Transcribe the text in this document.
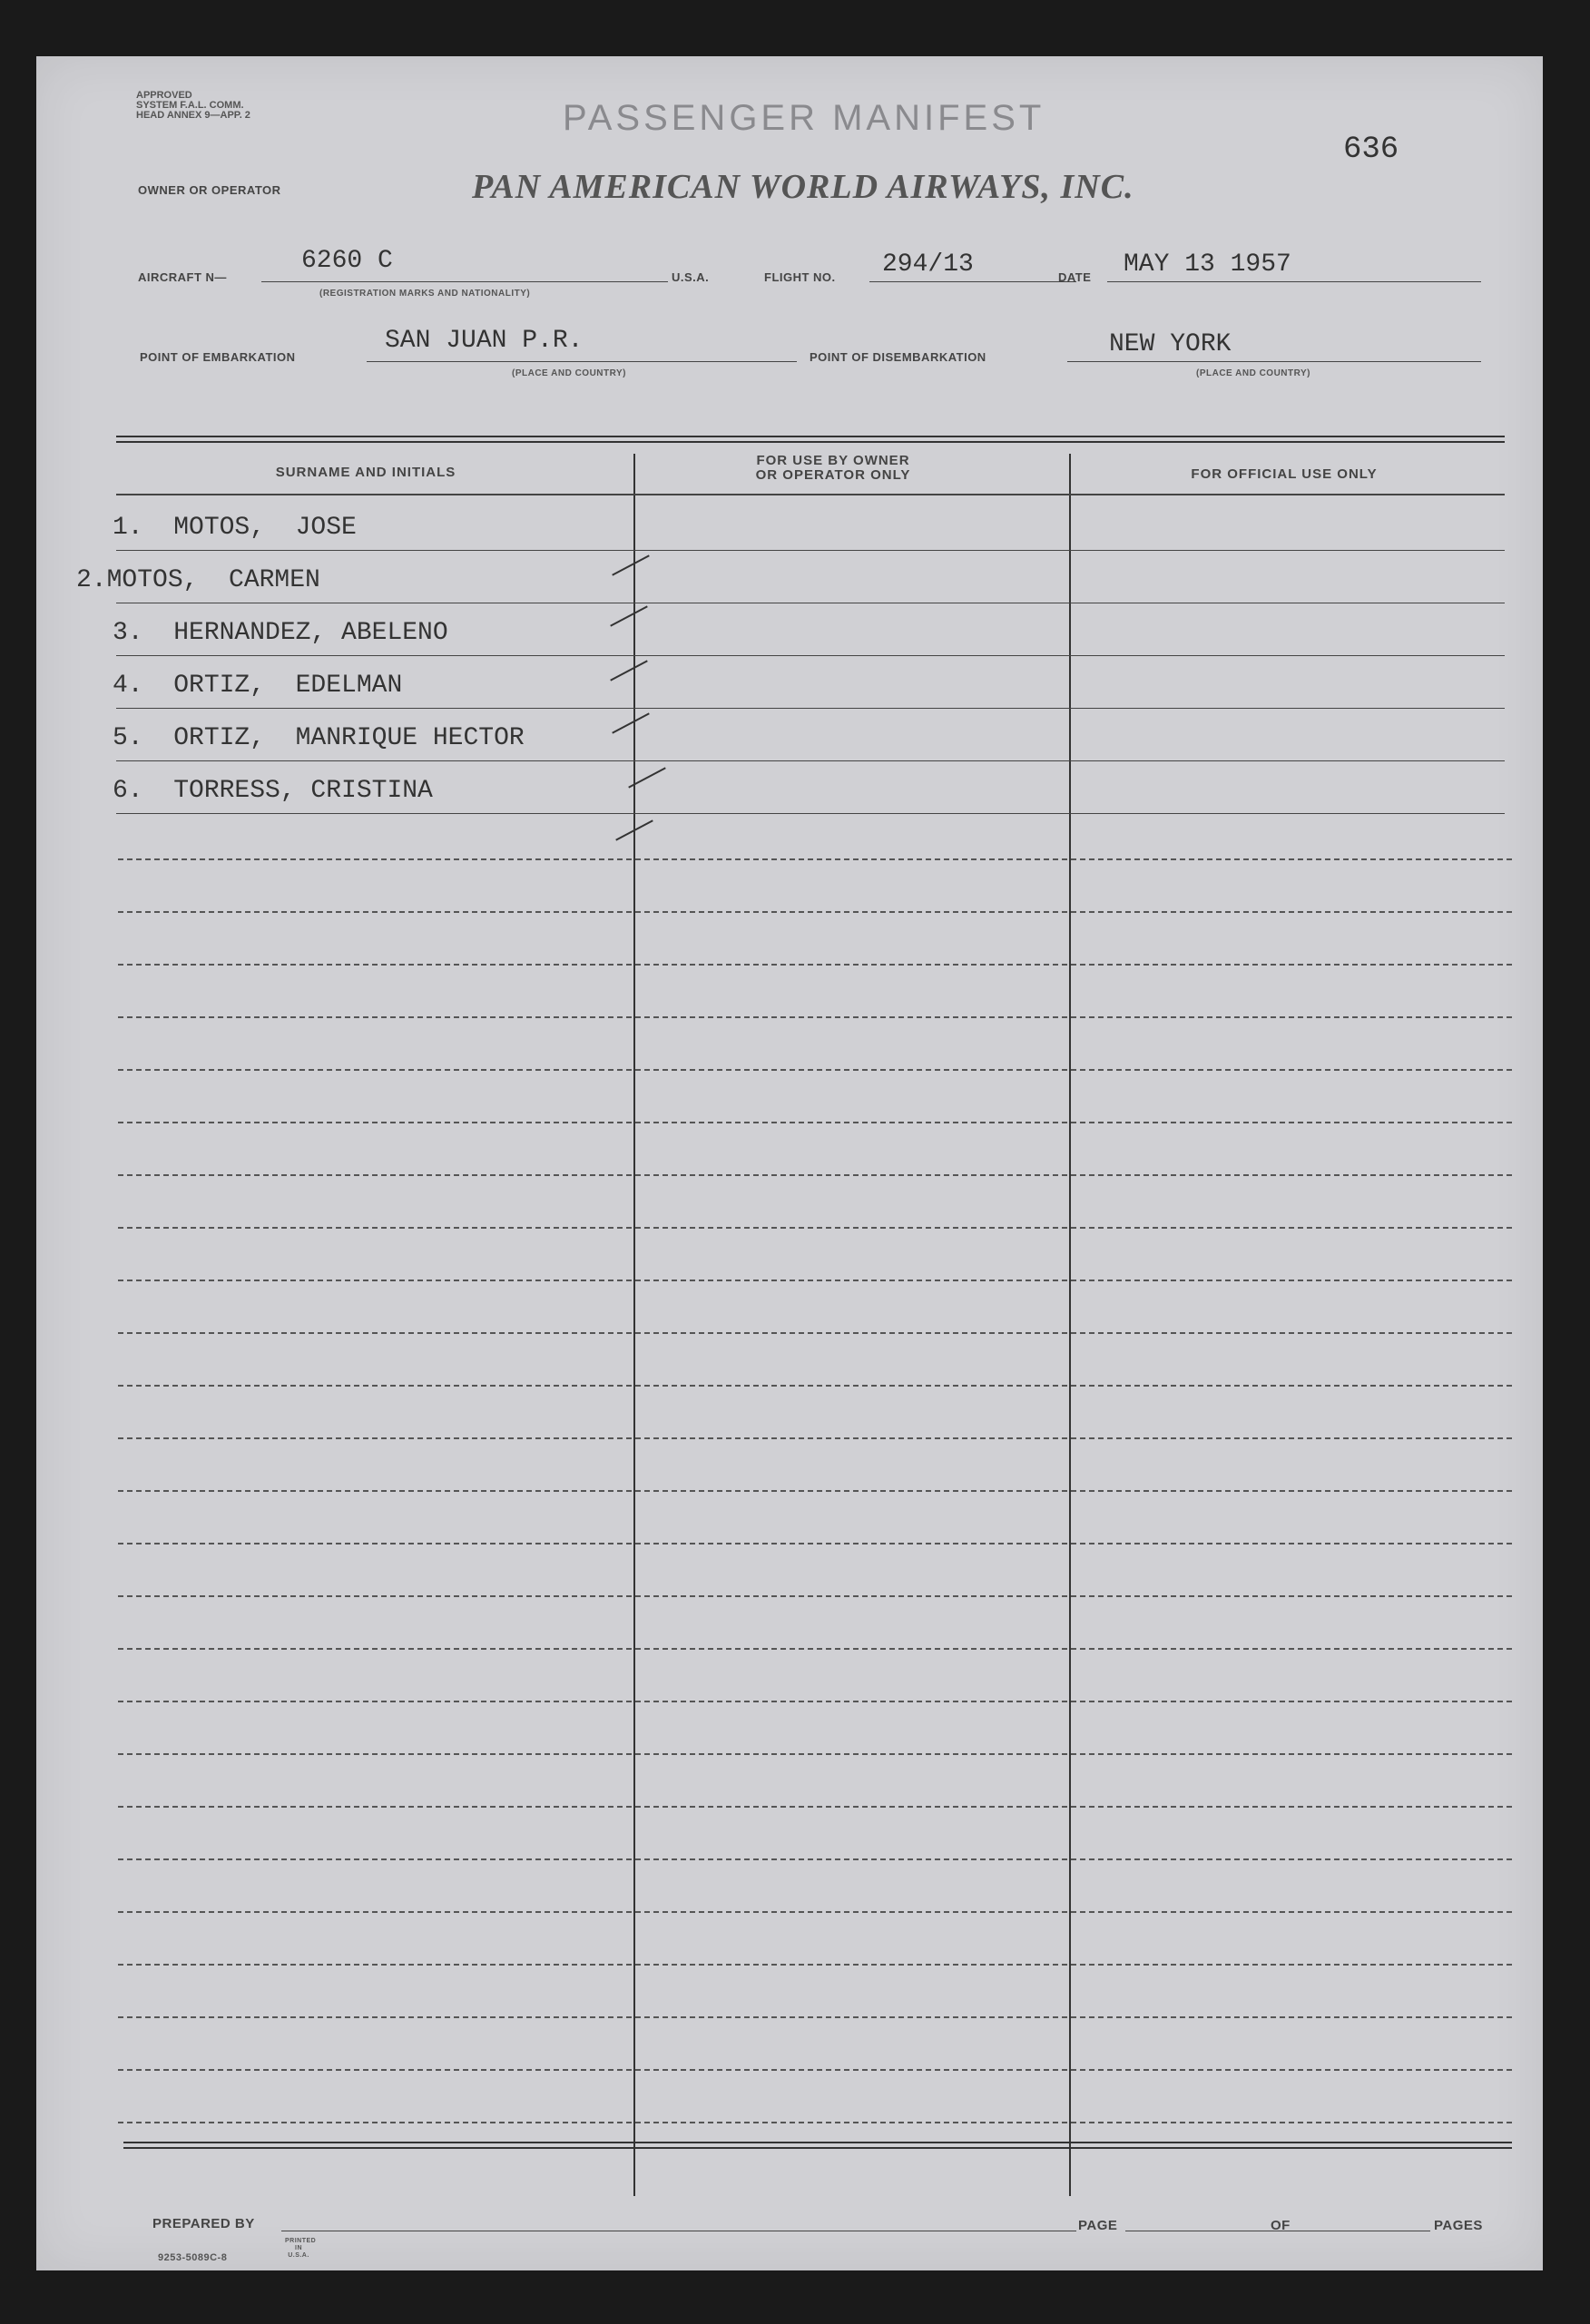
APPROVED
SYSTEM F.A.L. COMM.
HEAD ANNEX 9—APP. 2	PASSENGER MANIFEST
636
OWNER OR OPERATOR	PAN AMERICAN WORLD AIRWAYS, INC.
AIRCRAFT N—
6260 C
(REGISTRATION MARKS AND NATIONALITY)
U.S.A.	FLIGHT NO. 294/13	DATE MAY 13 1957
POINT OF EMBARKATION
SAN JUAN P.R.
(PLACE AND COUNTRY)
POINT OF DISEMBARKATION	NEW YORK
(PLACE AND COUNTRY)
SURNAME AND INITIALS
FOR USE BY OWNER
OR OPERATOR ONLY	FOR OFFICIAL USE ONLY
1.  MOTOS,  JOSE
2.MOTOS,  CARMEN
3.  HERNANDEZ, ABELENO
4.  ORTIZ,  EDELMAN
5.  ORTIZ,  MANRIQUE HECTOR
6.  TORRESS, CRISTINA
PREPARED BY	PAGE	OF	PAGES
9253-5089C-8
PRINTED IN U.S.A.
